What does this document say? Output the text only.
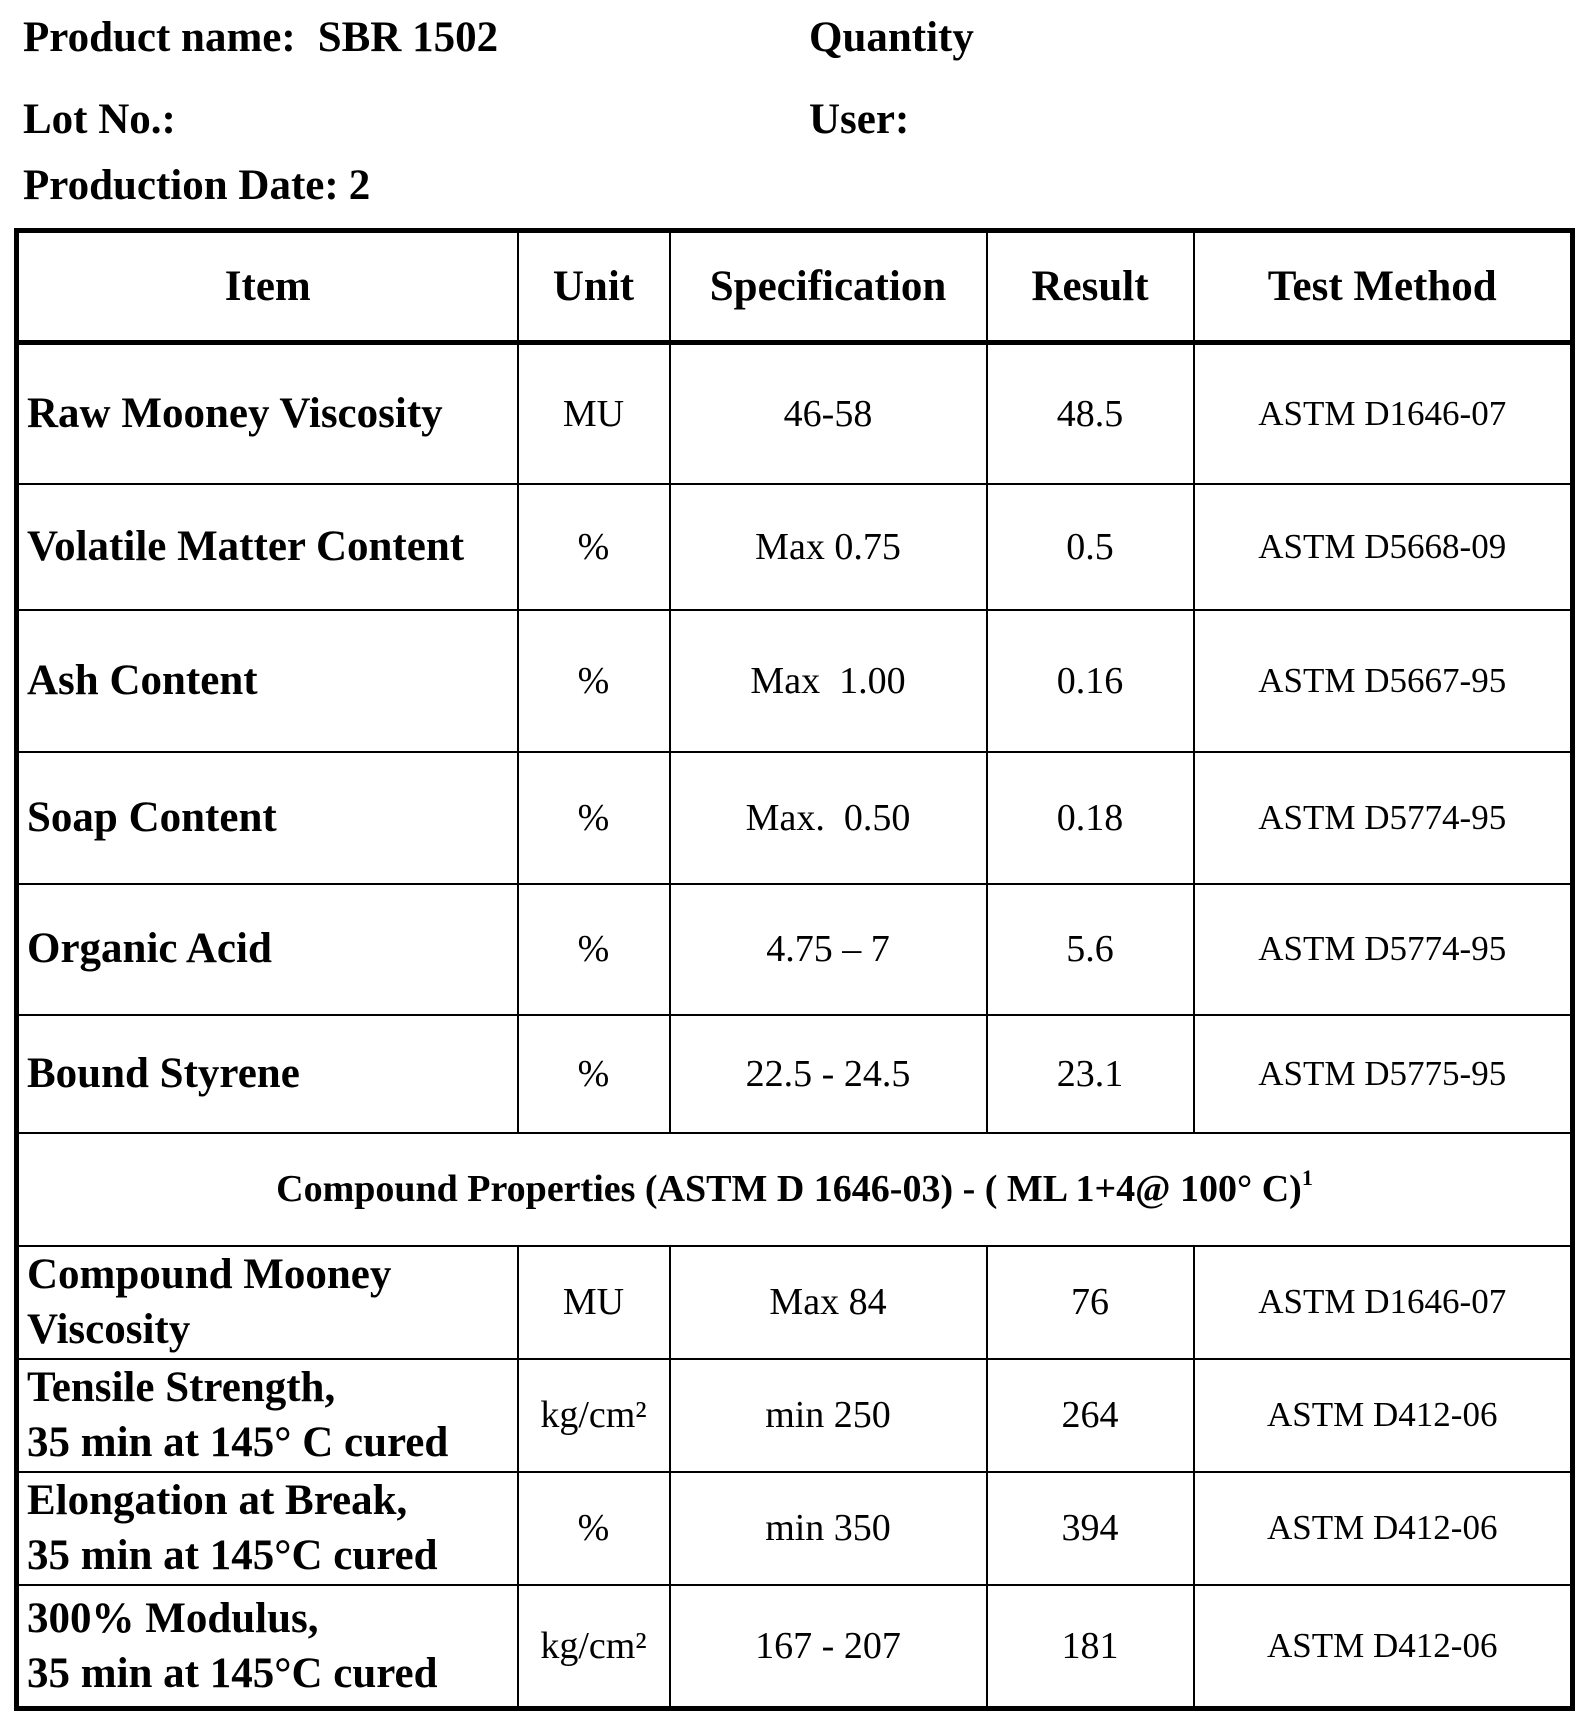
Product name: SBR 1502
Lot No.:
Production Date: 2
Quantity
User:
Item	Unit	Specification	Result	Test Method
Raw Mooney Viscosity	MU	46-58	48.5	ASTM D1646-07
Volatile Matter Content	%	Max 0.75	0.5	ASTM D5668-09
Ash Content	%	Max  1.00	0.16	ASTM D5667-95
Soap Content	%	Max.  0.50	0.18	ASTM D5774-95
Organic Acid	%	4.75 – 7	5.6	ASTM D5774-95
Bound Styrene	%	22.5 - 24.5	23.1	ASTM D5775-95
Compound Properties (ASTM D 1646-03) - ( ML 1+4@ 100° C)$^1$
Compound Mooney
Viscosity	MU	Max 84	76	ASTM D1646-07
Tensile Strength,
35 min at 145° C cured	kg/cm²	min 250	264	ASTM D412-06
Elongation at Break,
35 min at 145°C cured	%	min 350	394	ASTM D412-06
300% Modulus,
35 min at 145°C cured	kg/cm²	167 - 207	181	ASTM D412-06
